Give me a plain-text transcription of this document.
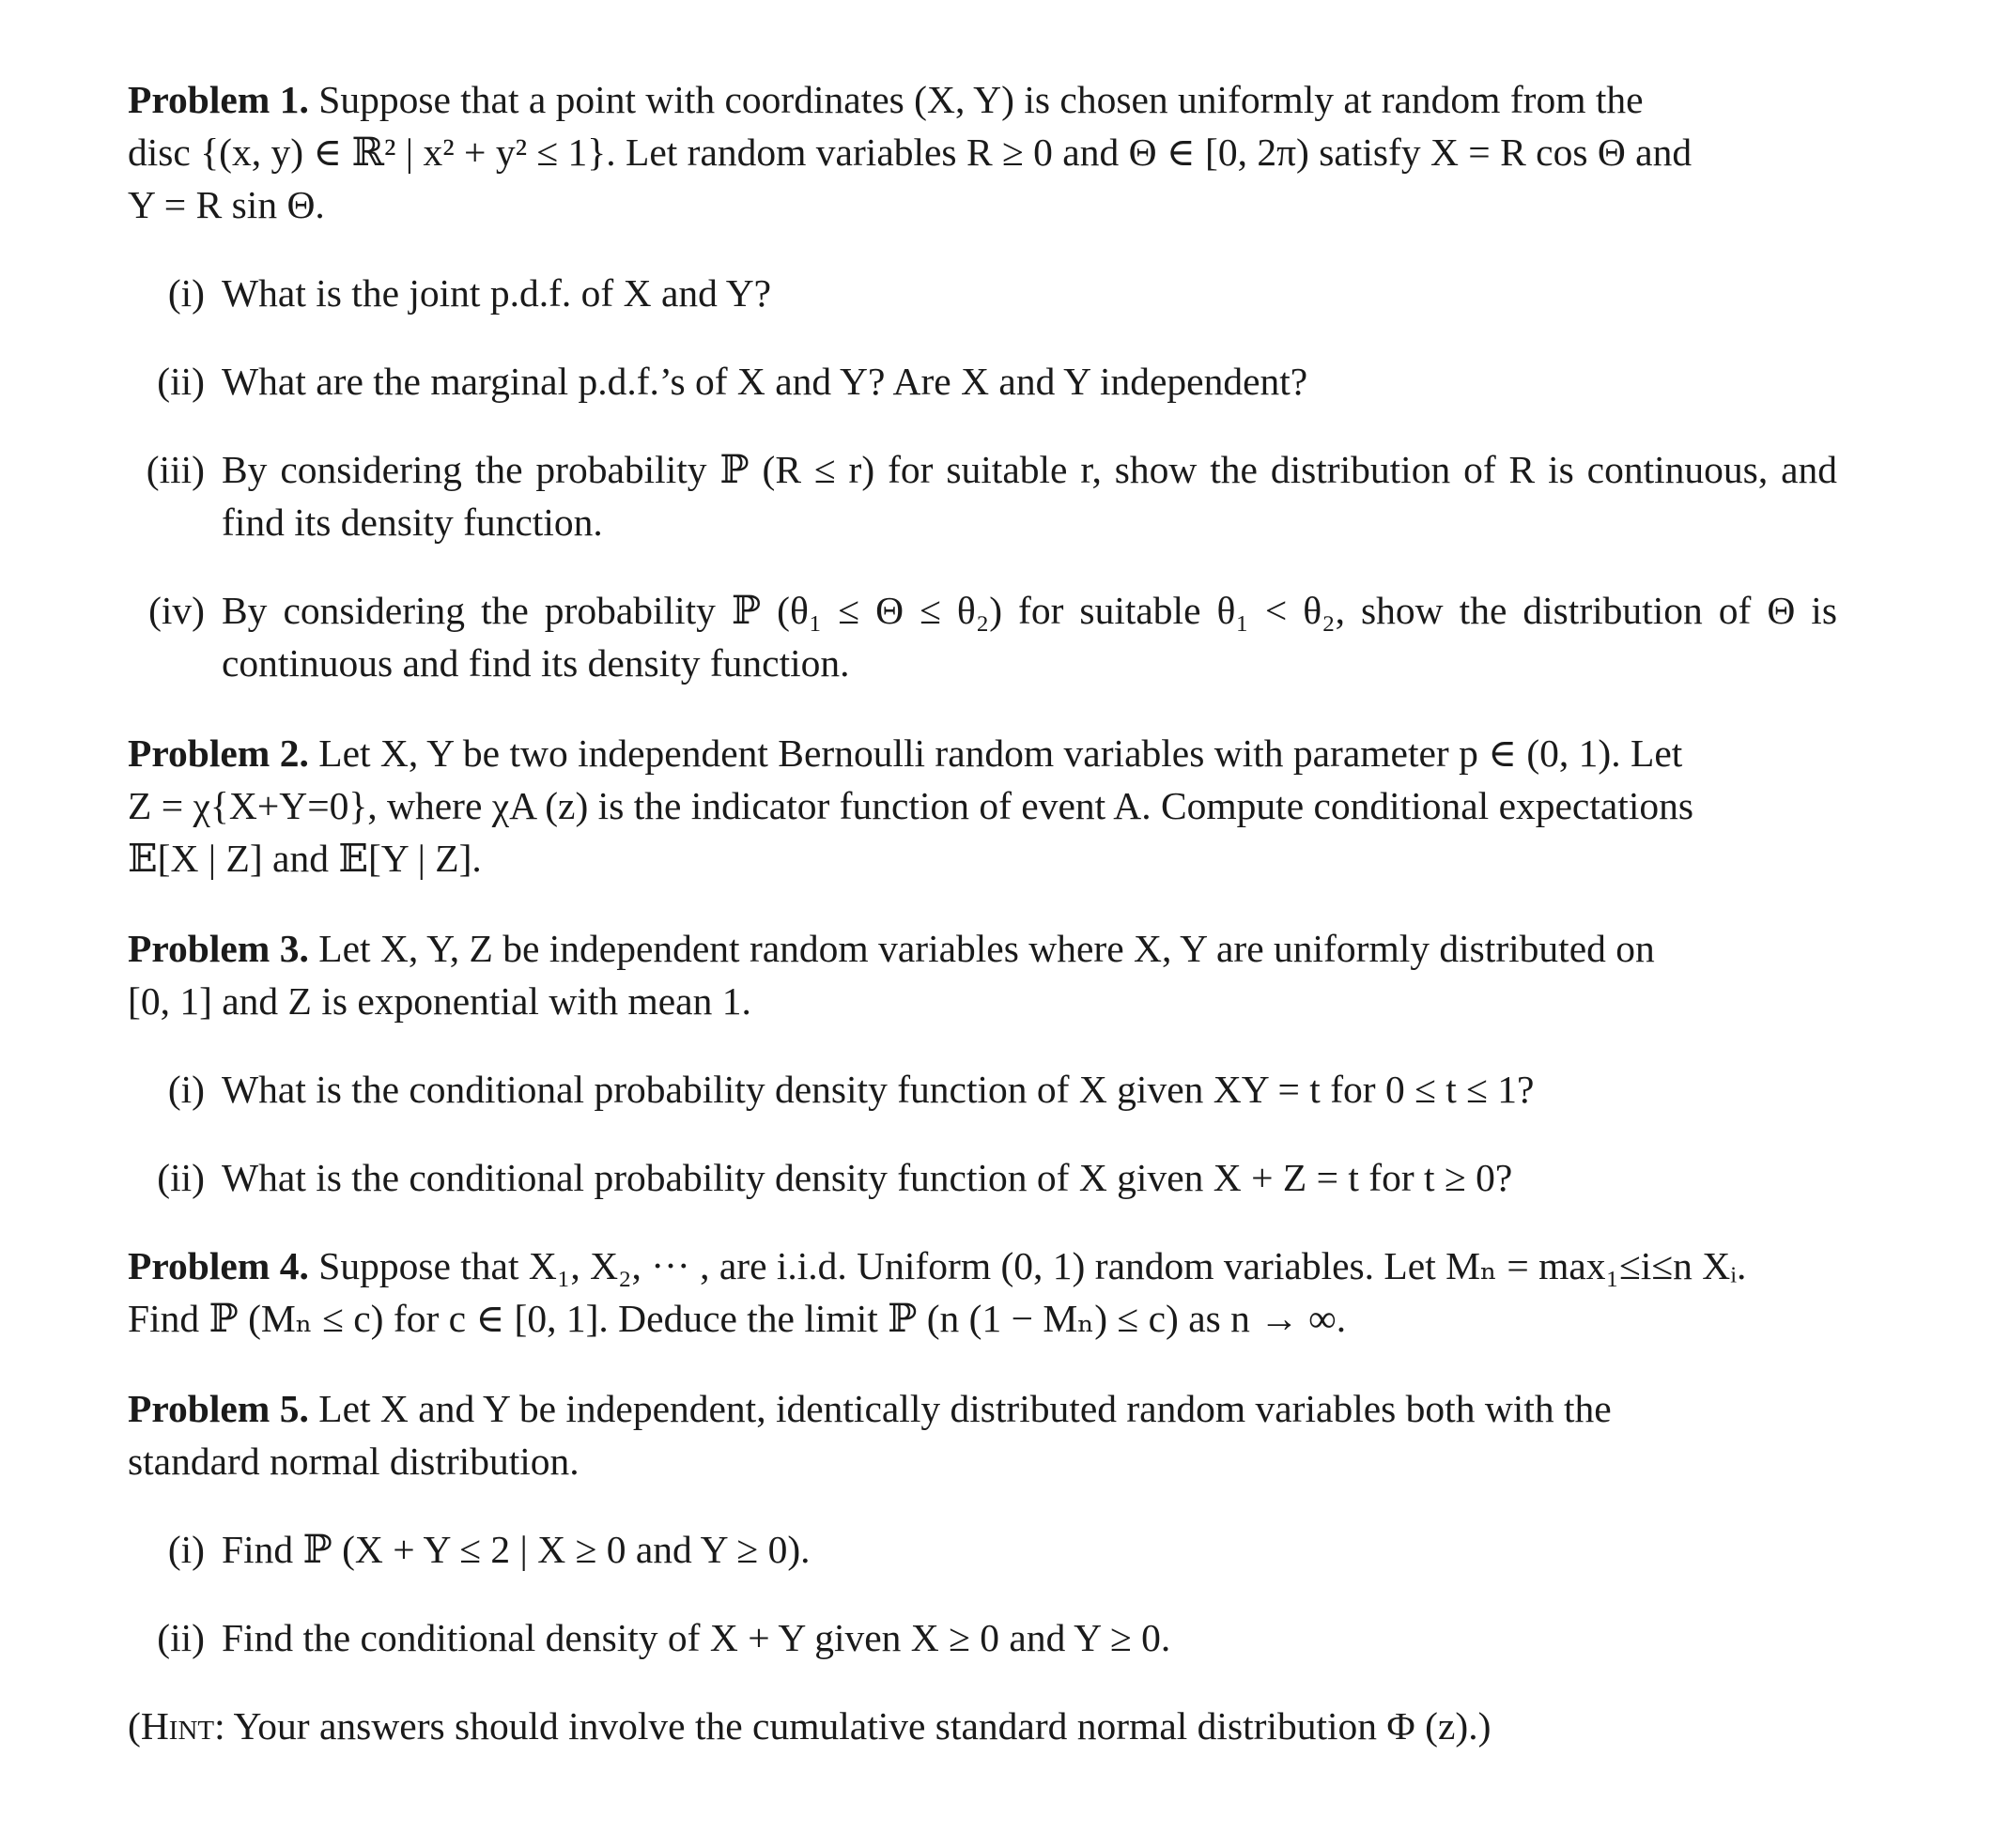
Problem 1. Suppose that a point with coordinates (X, Y) is chosen uniformly at random from the
disc {(x, y) ∈ ℝ² | x² + y² ≤ 1}. Let random variables R ≥ 0 and Θ ∈ [0, 2π) satisfy X = R cos Θ and
Y = R sin Θ.
(i) What is the joint p.d.f. of X and Y?
(ii) What are the marginal p.d.f.’s of X and Y? Are X and Y independent?
(iii) By considering the probability ℙ (R ≤ r) for suitable r, show the distribution of R is continuous, and find its density function.
(iv) By considering the probability ℙ (θ₁ ≤ Θ ≤ θ₂) for suitable θ₁ < θ₂, show the distribution of Θ is continuous and find its density function.
Problem 2. Let X, Y be two independent Bernoulli random variables with parameter p ∈ (0, 1). Let
Z = χ{X+Y=0}, where χA (z) is the indicator function of event A. Compute conditional expectations
𝔼[X | Z] and 𝔼[Y | Z].
Problem 3. Let X, Y, Z be independent random variables where X, Y are uniformly distributed on
[0, 1] and Z is exponential with mean 1.
(i) What is the conditional probability density function of X given XY = t for 0 ≤ t ≤ 1?
(ii) What is the conditional probability density function of X given X + Z = t for t ≥ 0?
Problem 4. Suppose that X₁, X₂, ··· , are i.i.d. Uniform (0, 1) random variables. Let Mₙ = max₁≤i≤n Xᵢ.
Find ℙ (Mₙ ≤ c) for c ∈ [0, 1]. Deduce the limit ℙ (n (1 − Mₙ) ≤ c) as n → ∞.
Problem 5. Let X and Y be independent, identically distributed random variables both with the
standard normal distribution.
(i) Find ℙ (X + Y ≤ 2 | X ≥ 0 and Y ≥ 0).
(ii) Find the conditional density of X + Y given X ≥ 0 and Y ≥ 0.

(Hint: Your answers should involve the cumulative standard normal distribution Φ (z).)
